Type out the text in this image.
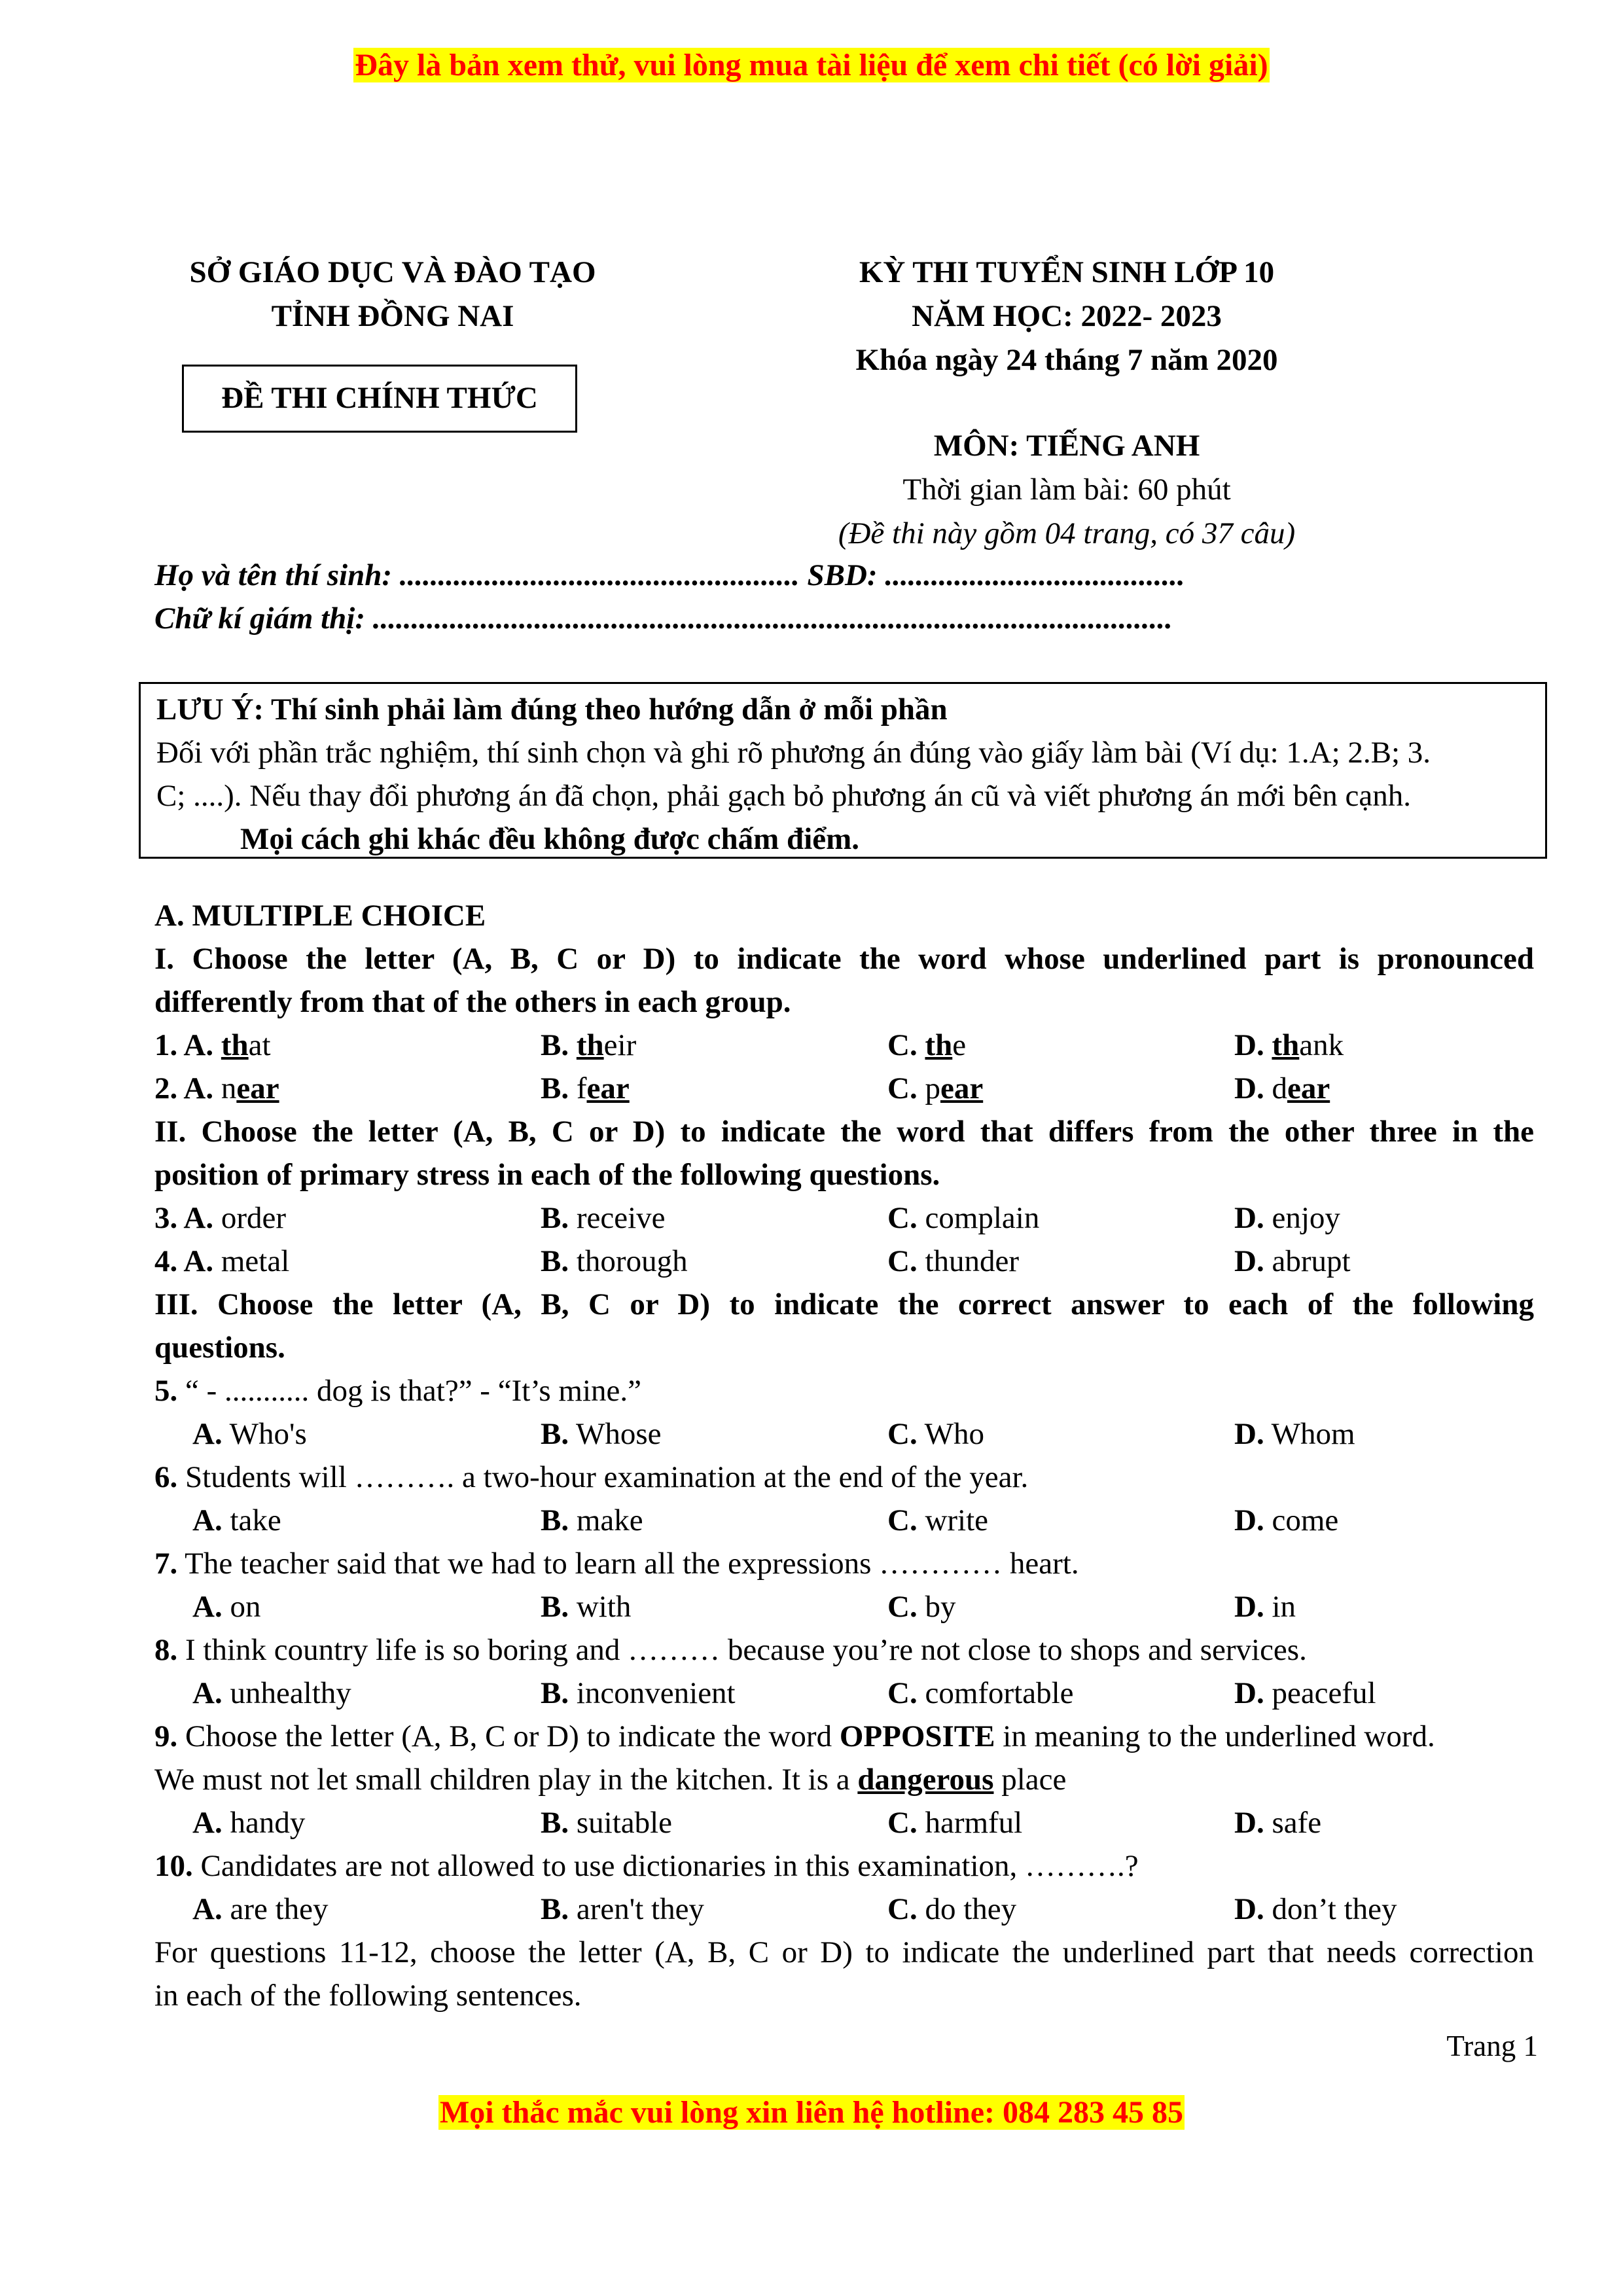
Đây là bản xem thử, vui lòng mua tài liệu để xem chi tiết (có lời giải)
SỞ GIÁO DỤC VÀ ĐÀO TẠO
TỈNH ĐỒNG NAI
ĐỀ THI CHÍNH THỨC
KỲ THI TUYỂN SINH LỚP 10
NĂM HỌC: 2022- 2023
Khóa ngày 24 tháng 7 năm 2020
MÔN: TIẾNG ANH
Thời gian làm bài: 60 phút
(Đề thi này gồm 04 trang, có 37 câu)
Họ và tên thí sinh: .................................................... SBD: .......................................
Chữ kí giám thị: ........................................................................................................
LƯU Ý: Thí sinh phải làm đúng theo hướng dẫn ở mỗi phần
Đối với phần trắc nghiệm, thí sinh chọn và ghi rõ phương án đúng vào giấy làm bài (Ví dụ: 1.A; 2.B; 3.
C; ....). Nếu thay đổi phương án đã chọn, phải gạch bỏ phương án cũ và viết phương án mới bên cạnh.
Mọi cách ghi khác đều không được chấm điểm.
A. MULTIPLE CHOICE
I. Choose the letter (A, B, C or D) to indicate the word whose underlined part is pronounced
differently from that of the others in each group.
1. A. that	B. their	C. the	D. thank
2. A. near	B. fear	C. pear	D. dear
II. Choose the letter (A, B, C or D) to indicate the word that differs from the other three in the
position of primary stress in each of the following questions.
3. A. order	B. receive	C. complain	D. enjoy
4. A. metal	B. thorough	C. thunder	D. abrupt
III. Choose the letter (A, B, C or D) to indicate the correct answer to each of the following
questions.
5. “ - ........... dog is that?” - “It’s mine.”
A. Who's	B. Whose	C. Who	D. Whom
6. Students will ………. a two-hour examination at the end of the year.
A. take	B. make	C. write	D. come
7. The teacher said that we had to learn all the expressions ………… heart.
A. on	B. with	C. by	D. in
8. I think country life is so boring and ……… because you’re not close to shops and services.
A. unhealthy	B. inconvenient	C. comfortable	D. peaceful
9. Choose the letter (A, B, C or D) to indicate the word OPPOSITE in meaning to the underlined word.
We must not let small children play in the kitchen. It is a dangerous place
A. handy	B. suitable	C. harmful	D. safe
10. Candidates are not allowed to use dictionaries in this examination, ……….?
A. are they	B. aren't they	C. do they	D. don’t they
For questions 11-12, choose the letter (A, B, C or D) to indicate the underlined part that needs correction
in each of the following sentences.
Trang 1
Mọi thắc mắc vui lòng xin liên hệ hotline: 084 283 45 85
